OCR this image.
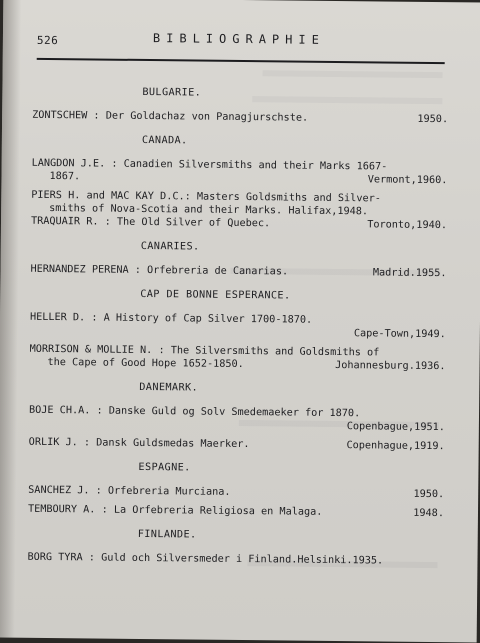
526	BIBLIOGRAPHIE
BULGARIE.
ZONTSCHEW : Der Goldachaz von Panagjurschste.	1950.
CANADA.
LANGDON J.E. : Canadien Silversmiths and their Marks 1667-
1867.	Vermont,1960.
PIERS H. and MAC KAY D.C.: Masters Goldsmiths and Silver-
smiths of Nova-Scotia and their Marks. Halifax,1948.
TRAQUAIR R. : The Old Silver of Quebec.	Toronto,1940.
CANARIES.
HERNANDEZ PERENA : Orfebreria de Canarias.	Madrid.1955.
CAP DE BONNE ESPERANCE.
HELLER D. : A History of Cap Silver 1700-1870.
Cape-Town,1949.
MORRISON & MOLLIE N. : The Silversmiths and Goldsmiths of
the Cape of Good Hope 1652-1850.	Johannesburg.1936.
DANEMARK.
BOJE CH.A. : Danske Guld og Solv Smedemaeker for 1870.
Copenbague,1951.
ORLIK J. : Dansk Guldsmedas Maerker.	Copenhague,1919.
ESPAGNE.
SANCHEZ J. : Orfebreria Murciana.	1950.
TEMBOURY A. : La Orfebreria Religiosa en Malaga.	1948.
FINLANDE.
BORG TYRA : Guld och Silversmeder i Finland.Helsinki.1935.
